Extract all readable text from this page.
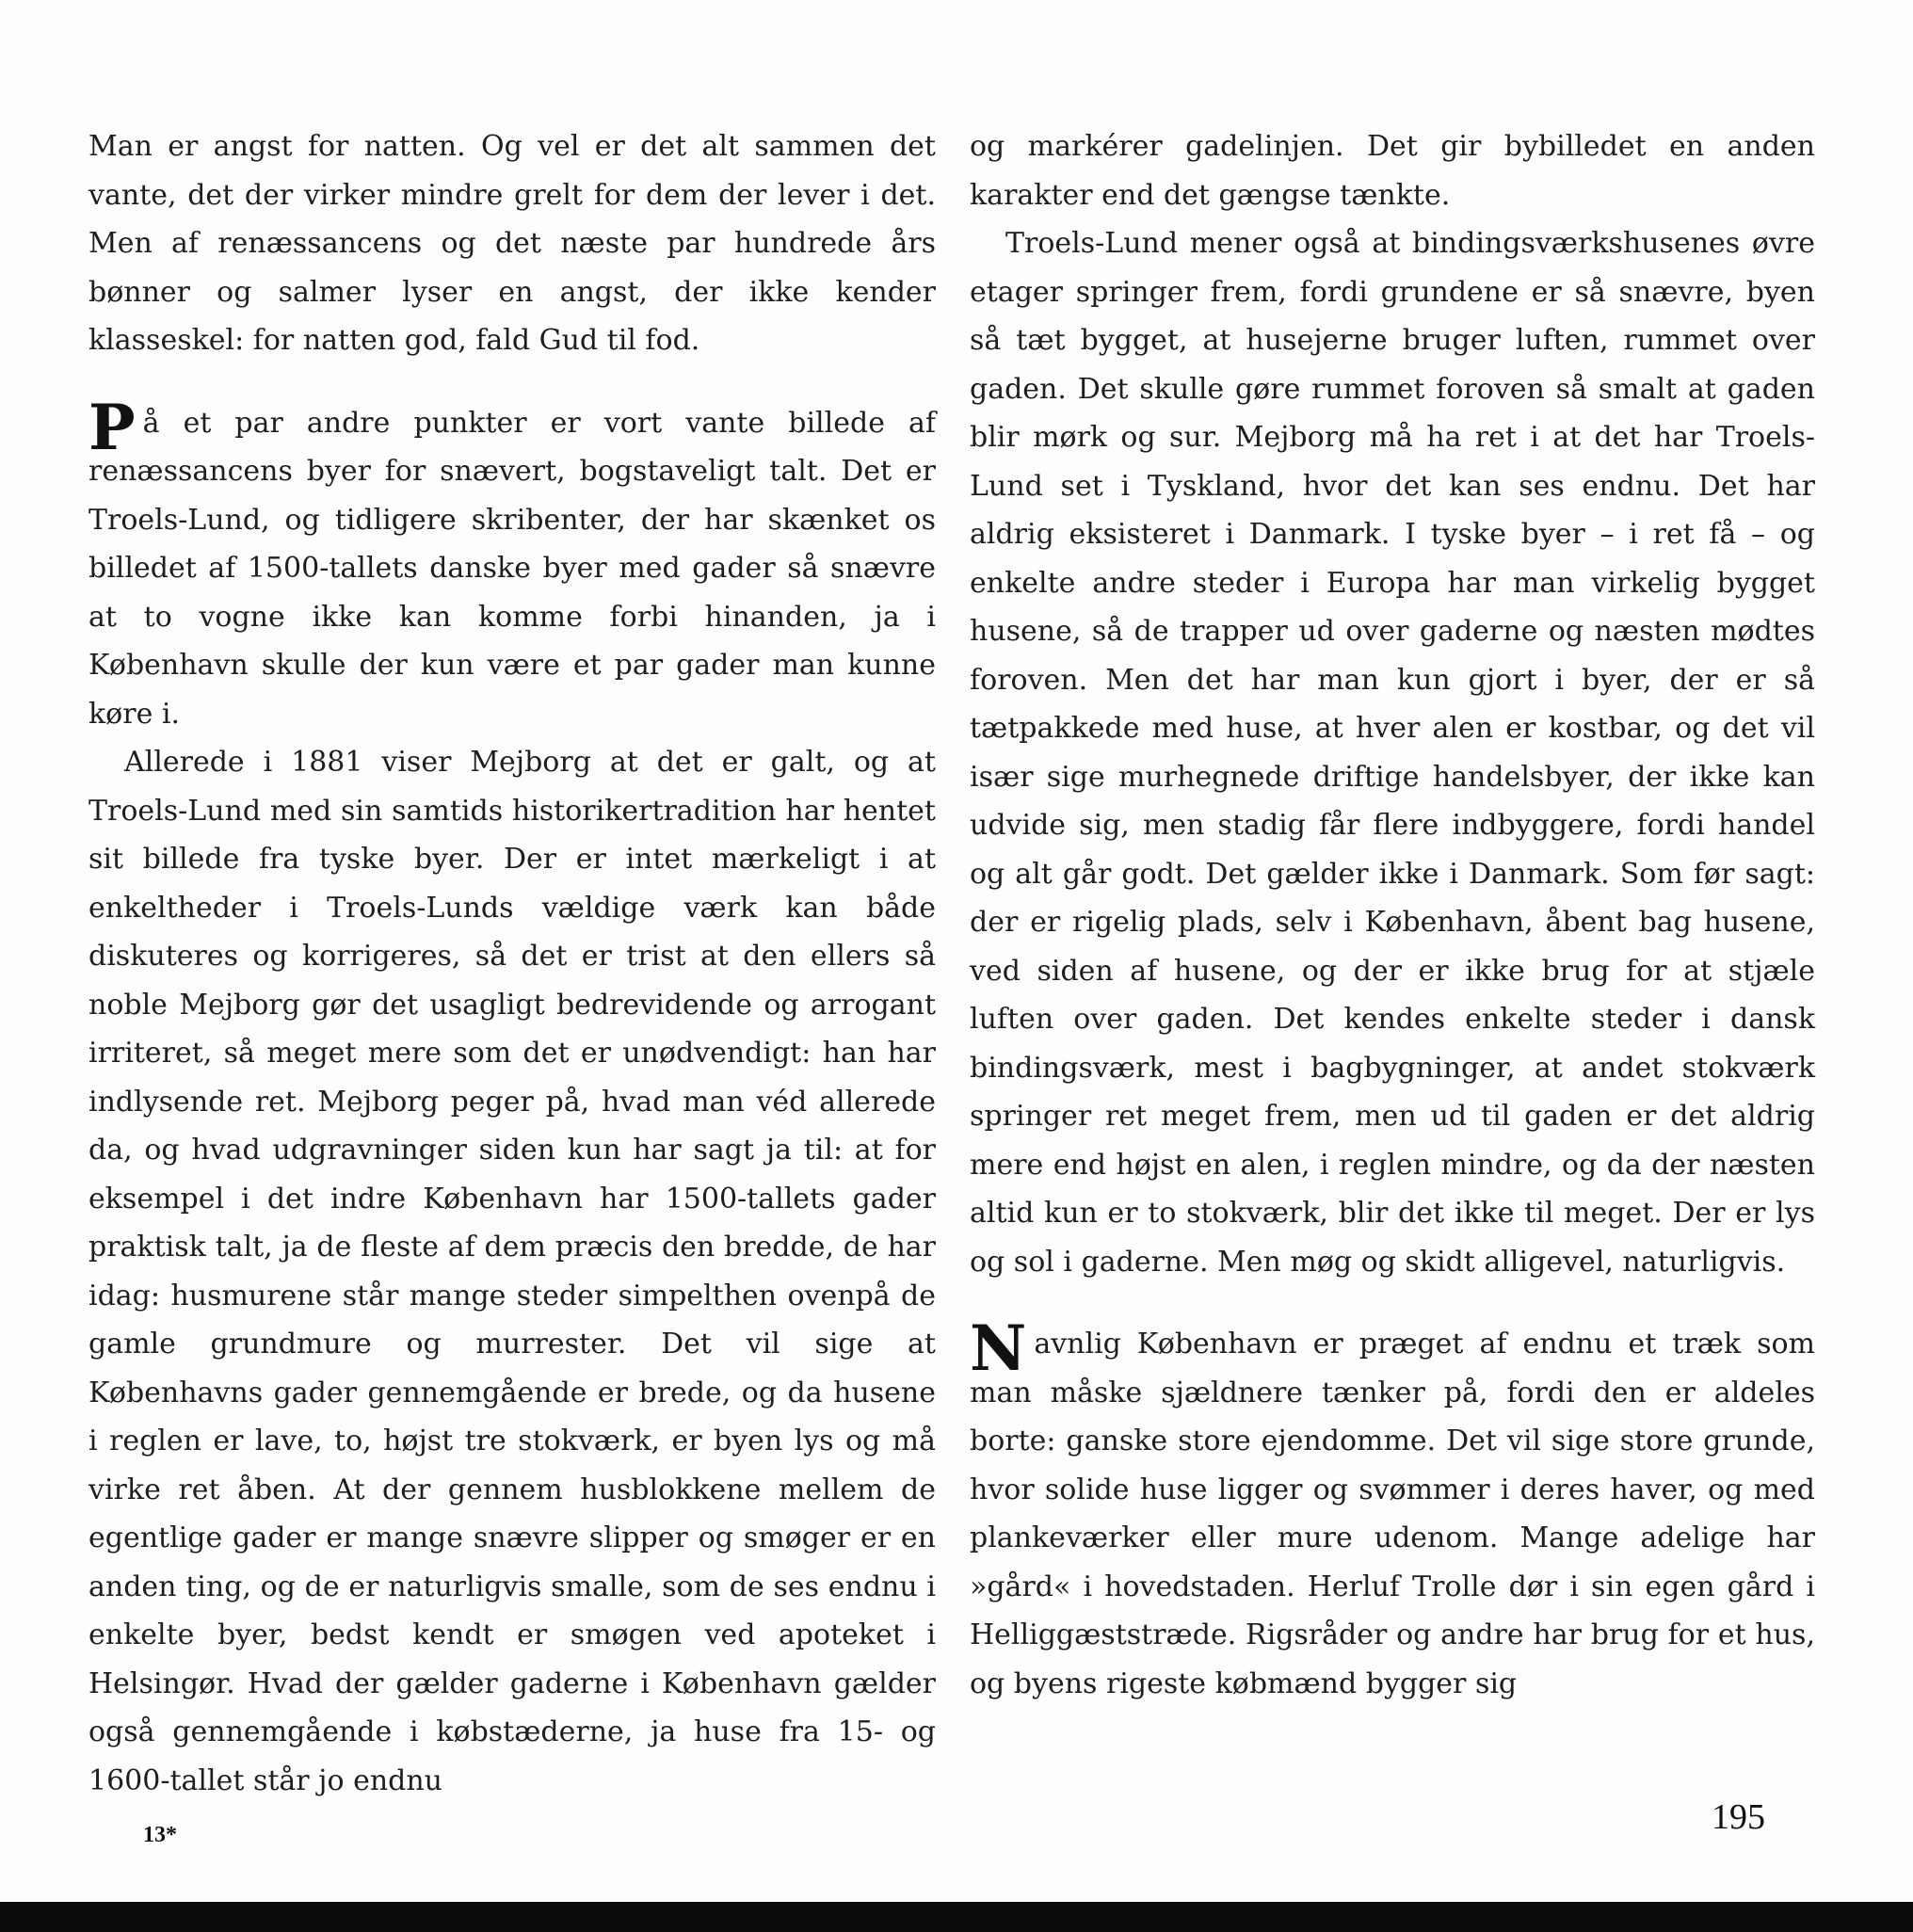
Man er angst for natten. Og vel er det alt sammen det vante, det der virker mindre grelt for dem der lever i det. Men af renæssancens og det næste par hundrede års bønner og salmer lyser en angst, der ikke kender klasseskel: for natten god, fald Gud til fod.

På et par andre punkter er vort vante billede af renæssancens byer for snævert, bogstaveligt talt. Det er Troels-Lund, og tidligere skribenter, der har skænket os billedet af 1500-tallets danske byer med gader så snævre at to vogne ikke kan komme forbi hinanden, ja i København skulle der kun være et par gader man kunne køre i.

Allerede i 1881 viser Mejborg at det er galt, og at Troels-Lund med sin samtids historikertradition har hentet sit billede fra tyske byer. Der er intet mærkeligt i at enkeltheder i Troels-Lunds vældige værk kan både diskuteres og korrigeres, så det er trist at den ellers så noble Mejborg gør det usagligt bedrevidende og arrogant irriteret, så meget mere som det er unødvendigt: han har indlysende ret. Mejborg peger på, hvad man véd allerede da, og hvad udgravninger siden kun har sagt ja til: at for eksempel i det indre København har 1500-tallets gader praktisk talt, ja de fleste af dem præcis den bredde, de har idag: husmurene står mange steder simpelthen ovenpå de gamle grundmure og murrester. Det vil sige at Københavns gader gennemgående er brede, og da husene i reglen er lave, to, højst tre stokværk, er byen lys og må virke ret åben. At der gennem husblokkene mellem de egentlige gader er mange snævre slipper og smøger er en anden ting, og de er naturligvis smalle, som de ses endnu i enkelte byer, bedst kendt er smøgen ved apoteket i Helsingør. Hvad der gælder gaderne i København gælder også gennemgående i købstæderne, ja huse fra 15- og 1600-tallet står jo endnu

og markérer gadelinjen. Det gir bybilledet en anden karakter end det gængse tænkte.

Troels-Lund mener også at bindingsværkshusenes øvre etager springer frem, fordi grundene er så snævre, byen så tæt bygget, at husejerne bruger luften, rummet over gaden. Det skulle gøre rummet foroven så smalt at gaden blir mørk og sur. Mejborg må ha ret i at det har Troels-Lund set i Tyskland, hvor det kan ses endnu. Det har aldrig eksisteret i Danmark. I tyske byer – i ret få – og enkelte andre steder i Europa har man virkelig bygget husene, så de trapper ud over gaderne og næsten mødtes foroven. Men det har man kun gjort i byer, der er så tætpakkede med huse, at hver alen er kostbar, og det vil især sige murhegnede driftige handelsbyer, der ikke kan udvide sig, men stadig får flere indbyggere, fordi handel og alt går godt. Det gælder ikke i Danmark. Som før sagt: der er rigelig plads, selv i København, åbent bag husene, ved siden af husene, og der er ikke brug for at stjæle luften over gaden. Det kendes enkelte steder i dansk bindingsværk, mest i bagbygninger, at andet stokværk springer ret meget frem, men ud til gaden er det aldrig mere end højst en alen, i reglen mindre, og da der næsten altid kun er to stokværk, blir det ikke til meget. Der er lys og sol i gaderne. Men møg og skidt alligevel, naturligvis.

Navnlig København er præget af endnu et træk som man måske sjældnere tænker på, fordi den er aldeles borte: ganske store ejendomme. Det vil sige store grunde, hvor solide huse ligger og svømmer i deres haver, og med plankeværker eller mure udenom. Mange adelige har »gård« i hovedstaden. Herluf Trolle dør i sin egen gård i Helliggæststræde. Rigsråder og andre har brug for et hus, og byens rigeste købmænd bygger sig

13*	195
